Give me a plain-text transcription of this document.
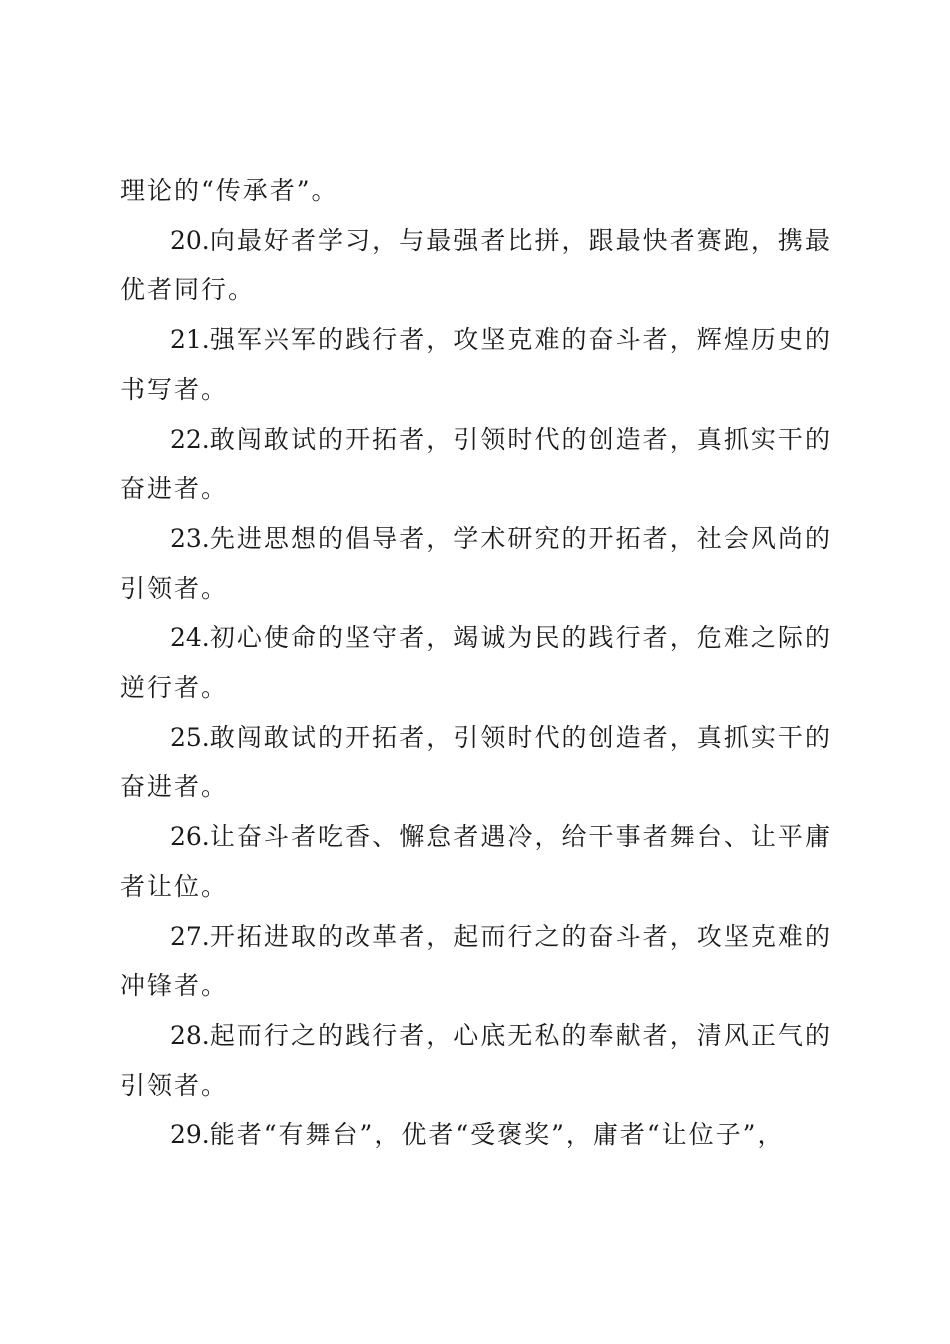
理论的“传承者”。

20.向最好者学习，与最强者比拼，跟最快者赛跑，携最优者同行。

21.强军兴军的践行者，攻坚克难的奋斗者，辉煌历史的书写者。

22.敢闯敢试的开拓者，引领时代的创造者，真抓实干的奋进者。

23.先进思想的倡导者，学术研究的开拓者，社会风尚的引领者。

24.初心使命的坚守者，竭诚为民的践行者，危难之际的逆行者。

25.敢闯敢试的开拓者，引领时代的创造者，真抓实干的奋进者。

26.让奋斗者吃香、懈怠者遇冷，给干事者舞台、让平庸者让位。

27.开拓进取的改革者，起而行之的奋斗者，攻坚克难的冲锋者。

28.起而行之的践行者，心底无私的奉献者，清风正气的引领者。

29.能者“有舞台”，优者“受褒奖”，庸者“让位子”，
